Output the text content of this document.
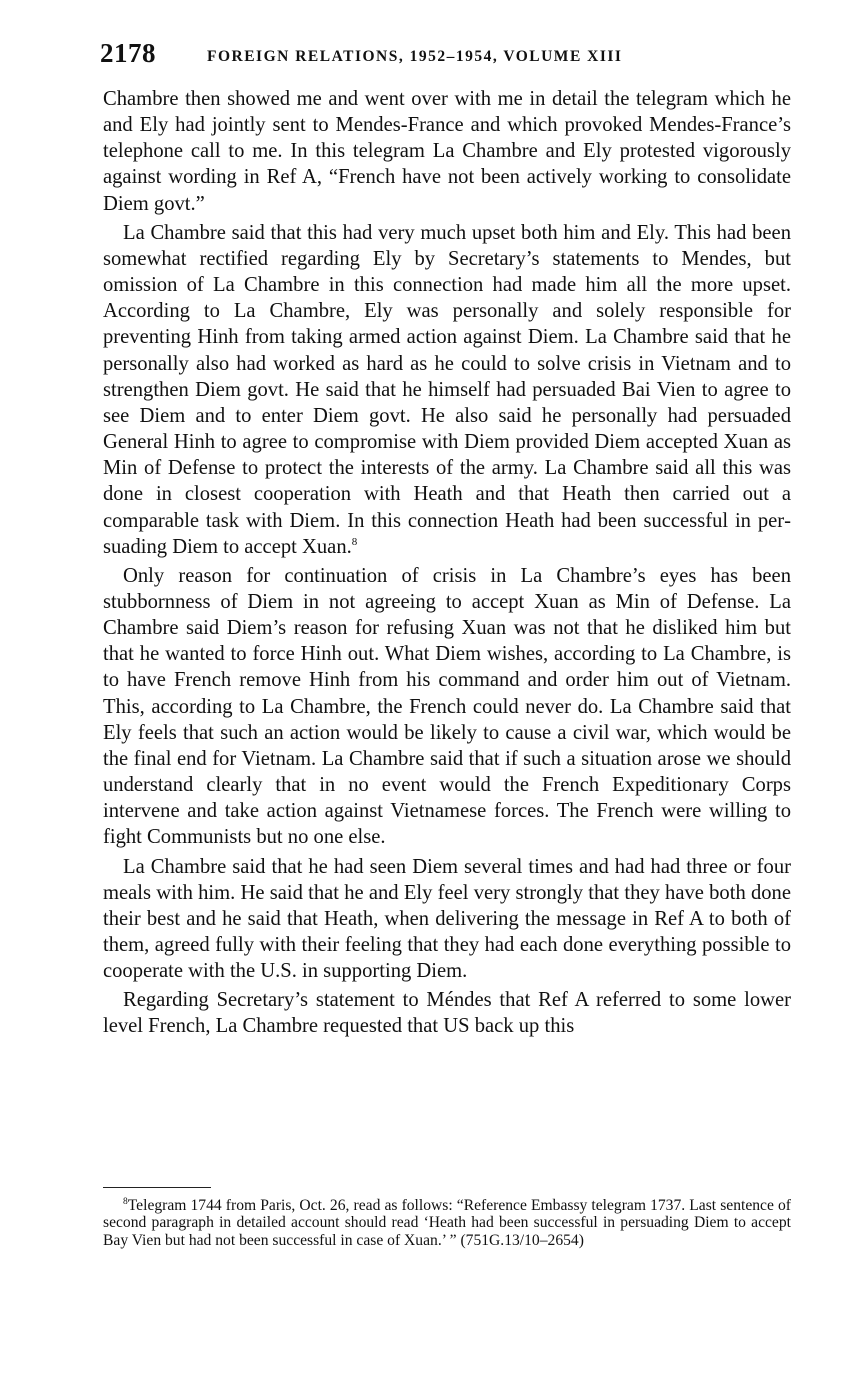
2178	FOREIGN RELATIONS, 1952–1954, VOLUME XIII

Chambre then showed me and went over with me in detail the telegram which he and Ely had jointly sent to Mendes-France and which provoked Mendes-France’s telephone call to me. In this telegram La Chambre and Ely protested vigorously against wording in Ref A, “French have not been actively working to consolidate Diem govt.”

La Chambre said that this had very much upset both him and Ely. This had been somewhat rectified regarding Ely by Secretary’s statements to Mendes, but omission of La Chambre in this connection had made him all the more upset. According to La Chambre, Ely was personally and solely responsible for preventing Hinh from taking armed action against Diem. La Chambre said that he personally also had worked as hard as he could to solve crisis in Vietnam and to strengthen Diem govt. He said that he himself had persuaded Bai Vien to agree to see Diem and to enter Diem govt. He also said he personally had persuaded General Hinh to agree to compromise with Diem provided Diem accepted Xuan as Min of Defense to protect the interests of the army. La Chambre said all this was done in closest cooperation with Heath and that Heath then carried out a comparable task with Diem. In this connection Heath had been successful in persuading Diem to accept Xuan.$^8$

Only reason for continuation of crisis in La Chambre’s eyes has been stubbornness of Diem in not agreeing to accept Xuan as Min of Defense. La Chambre said Diem’s reason for refusing Xuan was not that he disliked him but that he wanted to force Hinh out. What Diem wishes, according to La Chambre, is to have French remove Hinh from his command and order him out of Vietnam. This, according to La Chambre, the French could never do. La Chambre said that Ely feels that such an action would be likely to cause a civil war, which would be the final end for Vietnam. La Chambre said that if such a situation arose we should understand clearly that in no event would the French Expeditionary Corps intervene and take action against Vietnamese forces. The French were willing to fight Communists but no one else.

La Chambre said that he had seen Diem several times and had had three or four meals with him. He said that he and Ely feel very strongly that they have both done their best and he said that Heath, when delivering the message in Ref A to both of them, agreed fully with their feeling that they had each done everything possible to cooperate with the U.S. in supporting Diem.

Regarding Secretary’s statement to Méndes that Ref A referred to some lower level French, La Chambre requested that US back up this

$^8$Telegram 1744 from Paris, Oct. 26, read as follows: “Reference Embassy telegram 1737. Last sentence of second paragraph in detailed account should read ‘Heath had been successful in persuading Diem to accept Bay Vien but had not been successful in case of Xuan.’ ” (751G.13/10–2654)
